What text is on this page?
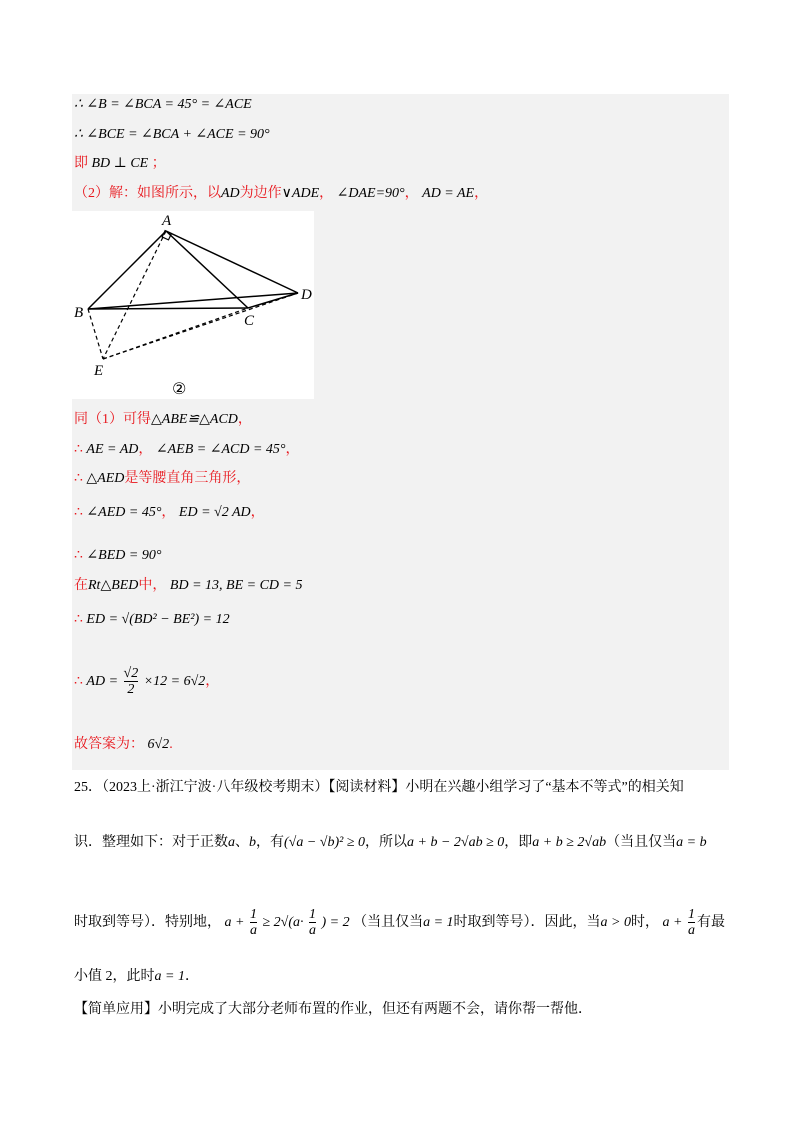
∴ ∠B = ∠BCA = 45° = ∠ACE
∴ ∠BCE = ∠BCA + ∠ACE = 90°
即 BD ⊥ CE ；
（2）解：如图所示，以AD为边作∨ADE， ∠DAE=90°， AD = AE，
A
B	C
D
E
②
同（1）可得△ABE≌△ACD，
∴ AE = AD， ∠AEB = ∠ACD = 45°，
∴ △AED是等腰直角三角形，
∴ ∠AED = 45°， ED = √2 AD，
∴ ∠BED = 90°
在Rt△BED中， BD = 13, BE = CD = 5
∴ ED = √(BD² − BE²) = 12
∴ AD = $\frac{√2}{2} \times 12 = 6√2$，
故答案为： 6√2.
25．（2023上·浙江宁波·八年级校考期末）【阅读材料】小明在兴趣小组学习了“基本不等式”的相关知
识．整理如下：对于正数a、b，有(√a − √b)² ≥ 0，所以a + b − 2√ab ≥ 0，即a + b ≥ 2√ab（当且仅当a = b
时取到等号）．特别地， $a + \frac{1}{a} \ge 2√(a\cdot \frac{1}{a}$ ) = 2 （当且仅当a = 1时取到等号）．因此，当a > 0时， $a + \frac{1}{a}$ 有最
小值 2，此时a = 1．
【简单应用】小明完成了大部分老师布置的作业，但还有两题不会，请你帮一帮他．
